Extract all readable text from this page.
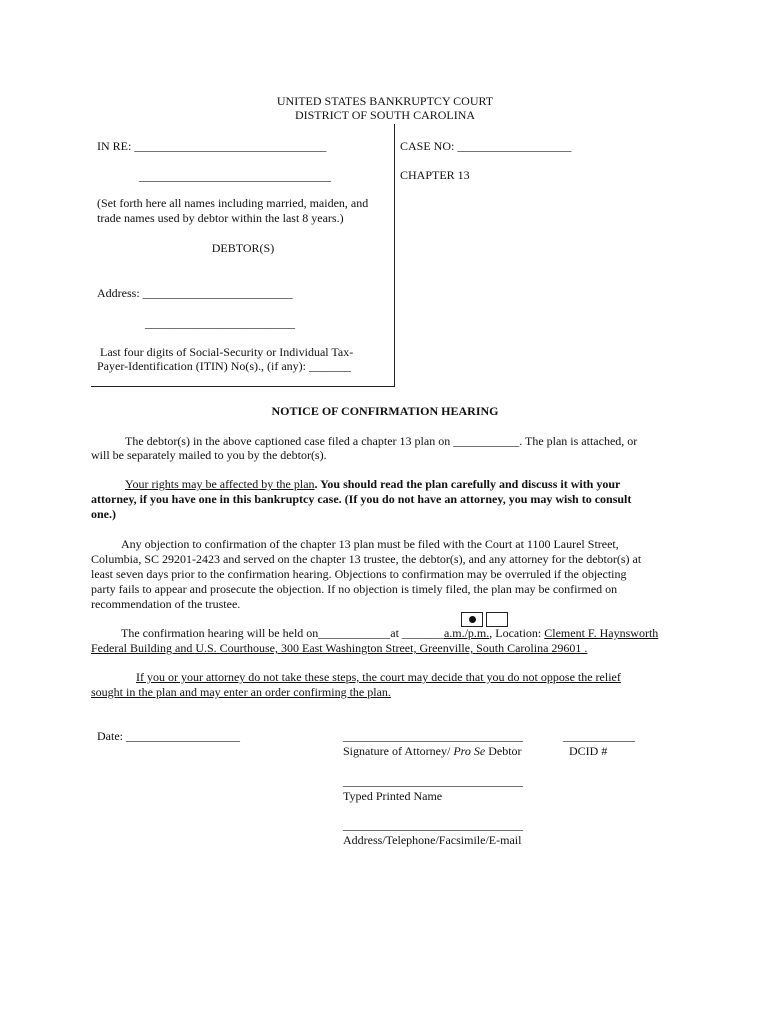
UNITED STATES BANKRUPTCY COURT
DISTRICT OF SOUTH CAROLINA
IN RE: ________________________________
________________________________
(Set forth here all names including married, maiden, and
trade names used by debtor within the last 8 years.)
DEBTOR(S)
Address: _________________________
_________________________
Last four digits of Social-Security or Individual Tax-
Payer-Identification (ITIN) No(s)., (if any): _______
CASE NO: ___________________
CHAPTER 13
NOTICE OF CONFIRMATION HEARING
The debtor(s) in the above captioned case filed a chapter 13 plan on ___________. The plan is attached, or
will be separately mailed to you by the debtor(s).
Your rights may be affected by the plan. You should read the plan carefully and discuss it with your
attorney, if you have one in this bankruptcy case. (If you do not have an attorney, you may wish to consult
one.)
Any objection to confirmation of the chapter 13 plan must be filed with the Court at 1100 Laurel Street,
Columbia, SC 29201-2423 and served on the chapter 13 trustee, the debtor(s), and any attorney for the debtor(s) at
least seven days prior to the confirmation hearing. Objections to confirmation may be overruled if the objecting
party fails to appear and prosecute the objection. If no objection is timely filed, the plan may be confirmed on
recommendation of the trustee.
The confirmation hearing will be held on____________at _______a.m./p.m., Location: Clement F. Haynsworth
Federal Building and U.S. Courthouse, 300 East Washington Street, Greenville, South Carolina 29601 .
If you or your attorney do not take these steps, the court may decide that you do not oppose the relief
sought in the plan and may enter an order confirming the plan.
Date: ___________________	______________________________	____________
Signature of Attorney/ Pro Se Debtor	DCID #
______________________________
Typed Printed Name
______________________________
Address/Telephone/Facsimile/E-mail
